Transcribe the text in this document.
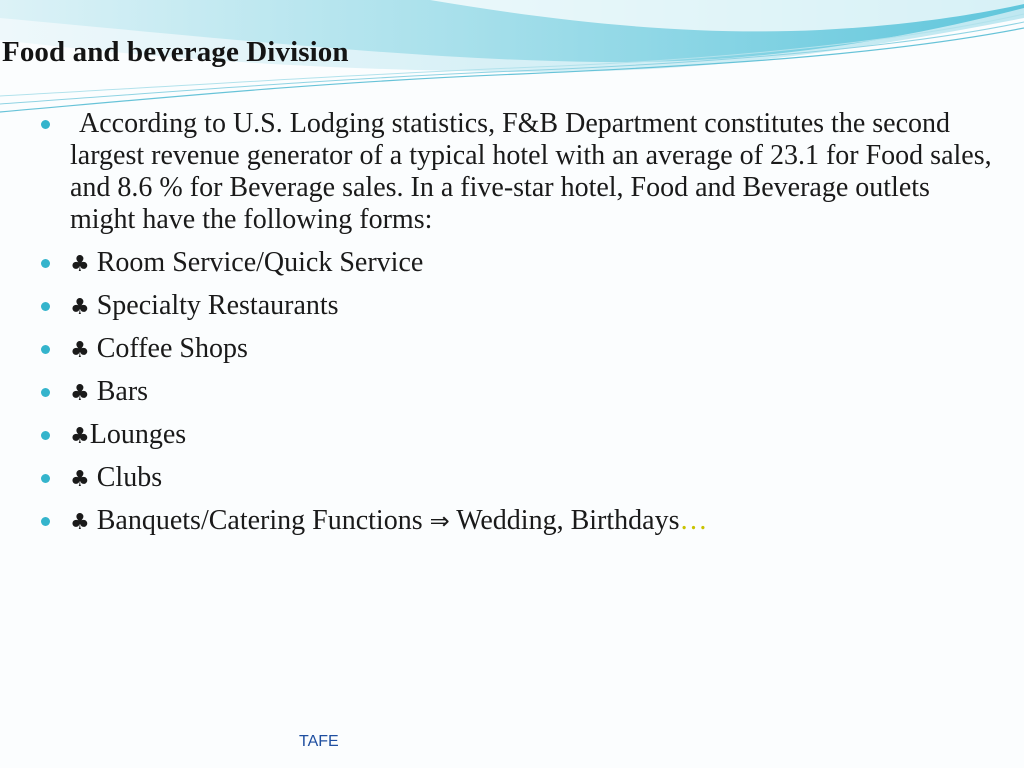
Food and beverage Division
According to U.S. Lodging statistics, F&B Department constitutes the second largest revenue generator of a typical hotel with an average of 23.1 for Food sales, and 8.6 % for Beverage sales. In a five-star hotel, Food and Beverage outlets might have the following forms:
♣ Room Service/Quick Service
♣ Specialty Restaurants
♣ Coffee Shops
♣ Bars
♣Lounges
♣ Clubs
♣ Banquets/Catering Functions ⇒ Wedding, Birthdays…
TAFE
